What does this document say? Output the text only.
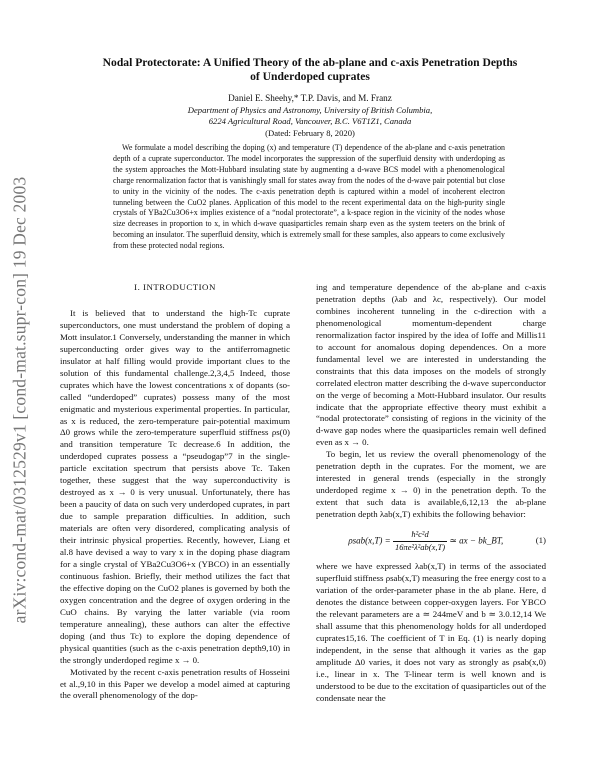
arXiv:cond-mat/0312529v1 [cond-mat.supr-con] 19 Dec 2003
Nodal Protectorate: A Unified Theory of the ab-plane and c-axis Penetration Depths
of Underdoped cuprates
Daniel E. Sheehy,* T.P. Davis, and M. Franz
Department of Physics and Astronomy, University of British Columbia,
6224 Agricultural Road, Vancouver, B.C. V6T1Z1, Canada
(Dated: February 8, 2020)

We formulate a model describing the doping (x) and temperature (T) dependence of the ab-plane and c-axis penetration depth of a cuprate superconductor. The model incorporates the suppression of the superfluid density with underdoping as the system approaches the Mott-Hubbard insulating state by augmenting a d-wave BCS model with a phenomenological charge renormalization factor that is vanishingly small for states away from the nodes of the d-wave pair potential but close to unity in the vicinity of the nodes. The c-axis penetration depth is captured within a model of incoherent electron tunneling between the CuO2 planes. Application of this model to the recent experimental data on the high-purity single crystals of YBa2Cu3O6+x implies existence of a “nodal protectorate”, a k-space region in the vicinity of the nodes whose size decreases in proportion to x, in which d-wave quasiparticles remain sharp even as the system teeters on the brink of becoming an insulator. The superfluid density, which is extremely small for these samples, also appears to come exclusively from these protected nodal regions.

I. INTRODUCTION

It is believed that to understand the high-Tc cuprate superconductors, one must understand the problem of doping a Mott insulator.1 Conversely, understanding the manner in which superconducting order gives way to the antiferromagnetic insulator at half filling would provide important clues to the solution of this fundamental challenge.2,3,4,5 Indeed, those cuprates which have the lowest concentrations x of dopants (so-called “underdoped” cuprates) possess many of the most enigmatic and mysterious experimental properties. In particular, as x is reduced, the zero-temperature pair-potential maximum Δ0 grows while the zero-temperature superfluid stiffness ρs(0) and transition temperature Tc decrease.6 In addition, the underdoped cuprates possess a “pseudogap”7 in the single-particle excitation spectrum that persists above Tc. Taken together, these suggest that the way superconductivity is destroyed as x → 0 is very unusual. Unfortunately, there has been a paucity of data on such very underdoped cuprates, in part due to sample preparation difficulties. In addition, such materials are often very disordered, complicating analysis of their intrinsic physical properties. Recently, however, Liang et al.8 have devised a way to vary x in the doping phase diagram for a single crystal of YBa2Cu3O6+x (YBCO) in an essentially continuous fashion. Briefly, their method utilizes the fact that the effective doping on the CuO2 planes is governed by both the oxygen concentration and the degree of oxygen ordering in the CuO chains. By varying the latter variable (via room temperature annealing), these authors can alter the effective doping (and thus Tc) to explore the doping dependence of physical quantities (such as the c-axis penetration depth9,10) in the strongly underdoped regime x → 0.

Motivated by the recent c-axis penetration results of Hosseini et al.,9,10 in this Paper we develop a model aimed at capturing the overall phenomenology of the dop-

ing and temperature dependence of the ab-plane and c-axis penetration depths (λab and λc, respectively). Our model combines incoherent tunneling in the c-direction with a phenomenological momentum-dependent charge renormalization factor inspired by the idea of Ioffe and Millis11 to account for anomalous doping dependences. On a more fundamental level we are interested in understanding the constraints that this data imposes on the models of strongly correlated electron matter describing the d-wave superconductor on the verge of becoming a Mott-Hubbard insulator. Our results indicate that the appropriate effective theory must exhibit a “nodal protectorate” consisting of regions in the vicinity of the d-wave gap nodes where the quasiparticles remain well defined even as x → 0.

To begin, let us review the overall phenomenology of the penetration depth in the cuprates. For the moment, we are interested in general trends (especially in the strongly underdoped regime x → 0) in the penetration depth. To the extent that such data is available,6,12,13 the ab-plane penetration depth λab(x,T) exhibits the following behavior:

$\rho sab(x,T) = \frac{\text{ħ²c²d}}{\text{16πe²λ²ab(x,T)}}$ ≃ ax − bk_BT,	(1)

where we have expressed λab(x,T) in terms of the associated superfluid stiffness ρsab(x,T) measuring the free energy cost to a variation of the order-parameter phase in the ab plane. Here, d denotes the distance between copper-oxygen layers. For YBCO the relevant parameters are a ≃ 244meV and b ≃ 3.0.12,14 We shall assume that this phenomenology holds for all underdoped cuprates15,16. The coefficient of T in Eq. (1) is nearly doping independent, in the sense that although it varies as the gap amplitude Δ0 varies, it does not vary as strongly as ρsab(x,0) i.e., linear in x. The T-linear term is well known and is understood to be due to the excitation of quasiparticles out of the condensate near the
